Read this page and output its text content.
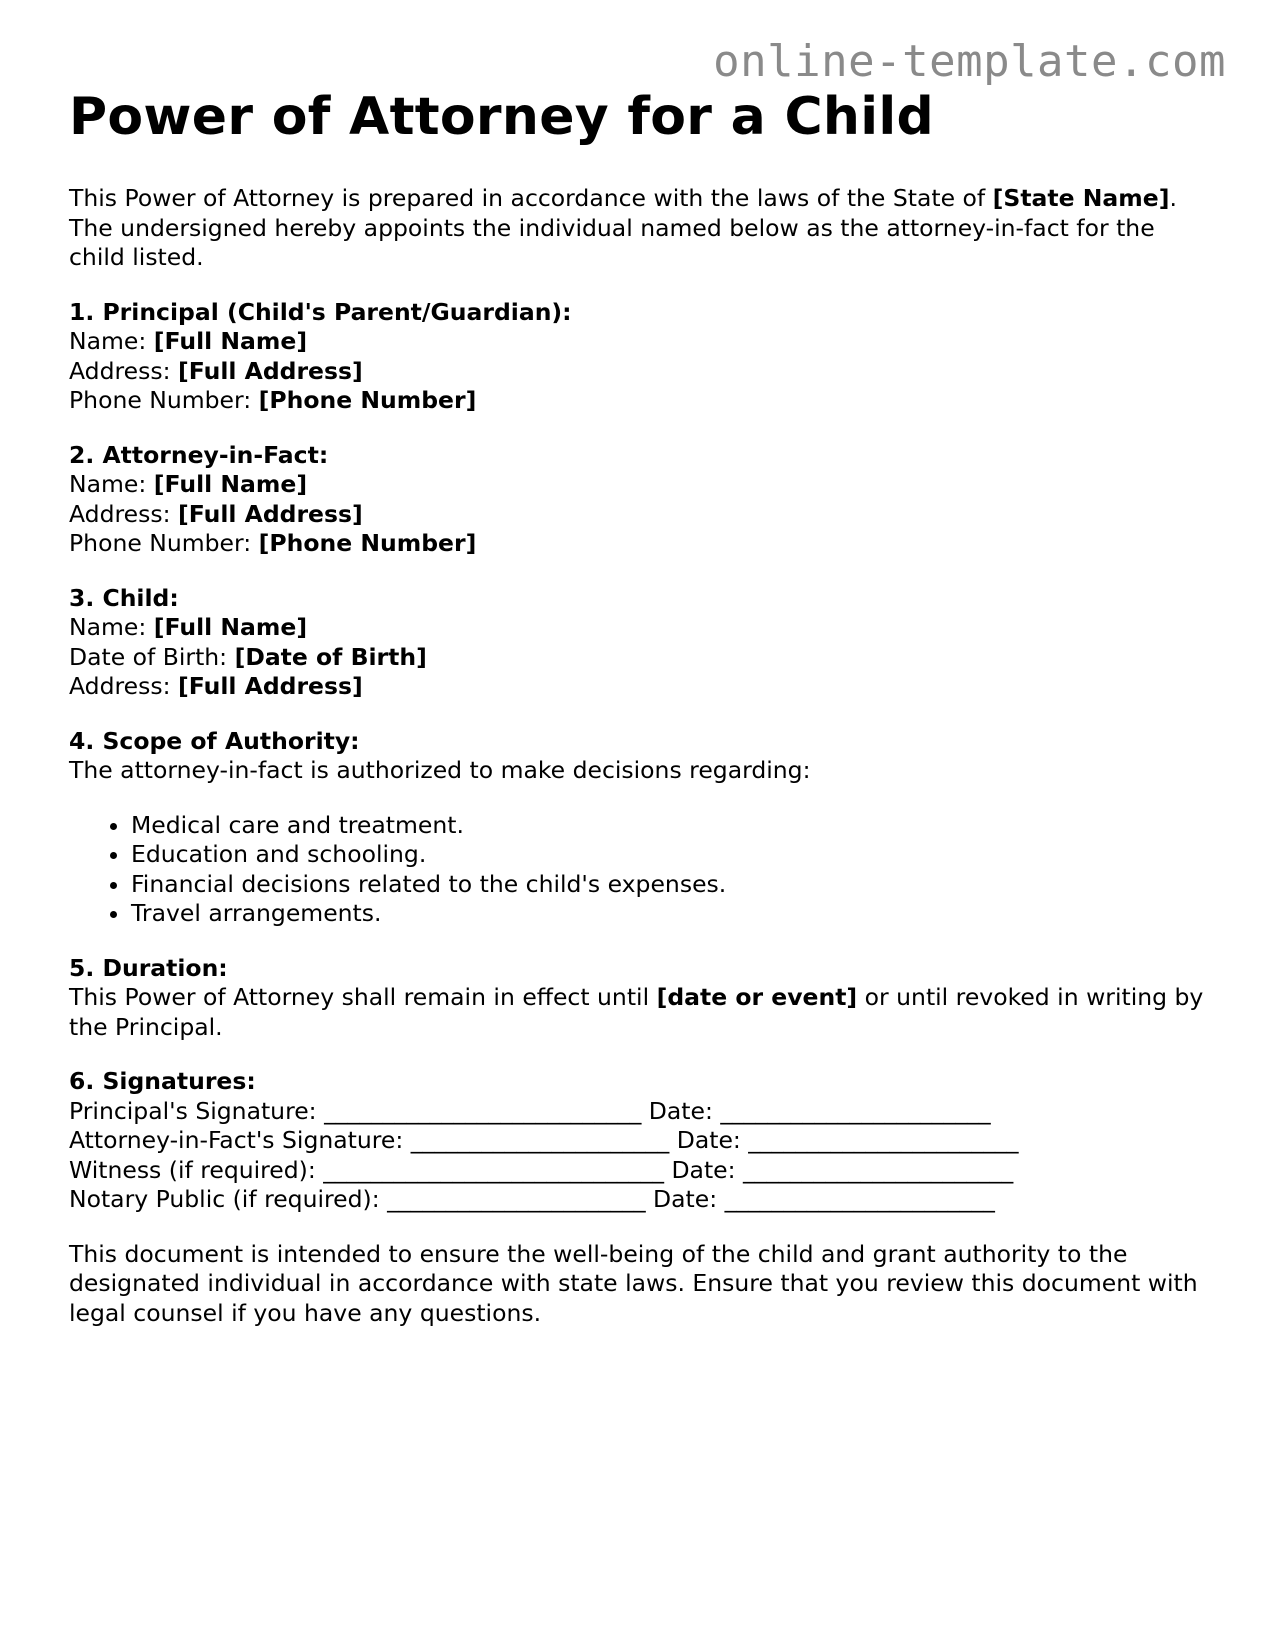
online-template.com
Power of Attorney for a Child

This Power of Attorney is prepared in accordance with the laws of the State of [State Name]. The undersigned hereby appoints the individual named below as the attorney-in-fact for the child listed.

1. Principal (Child's Parent/Guardian):
Name: [Full Name]
Address: [Full Address]
Phone Number: [Phone Number]
2. Attorney-in-Fact:
Name: [Full Name]
Address: [Full Address]
Phone Number: [Phone Number]
3. Child:
Name: [Full Name]
Date of Birth: [Date of Birth]
Address: [Full Address]
4. Scope of Authority:
The attorney-in-fact is authorized to make decisions regarding:
• Medical care and treatment.
• Education and schooling.
• Financial decisions related to the child's expenses.
• Travel arrangements.
5. Duration:

This Power of Attorney shall remain in effect until [date or event] or until revoked in writing by the Principal.

6. Signatures:
Principal's Signature: ___________________________ Date: _______________________
Attorney-in-Fact's Signature: ______________________ Date: _______________________
Witness (if required): _____________________________ Date: _______________________
Notary Public (if required): ______________________ Date: _______________________

This document is intended to ensure the well-being of the child and grant authority to the designated individual in accordance with state laws. Ensure that you review this document with legal counsel if you have any questions.
